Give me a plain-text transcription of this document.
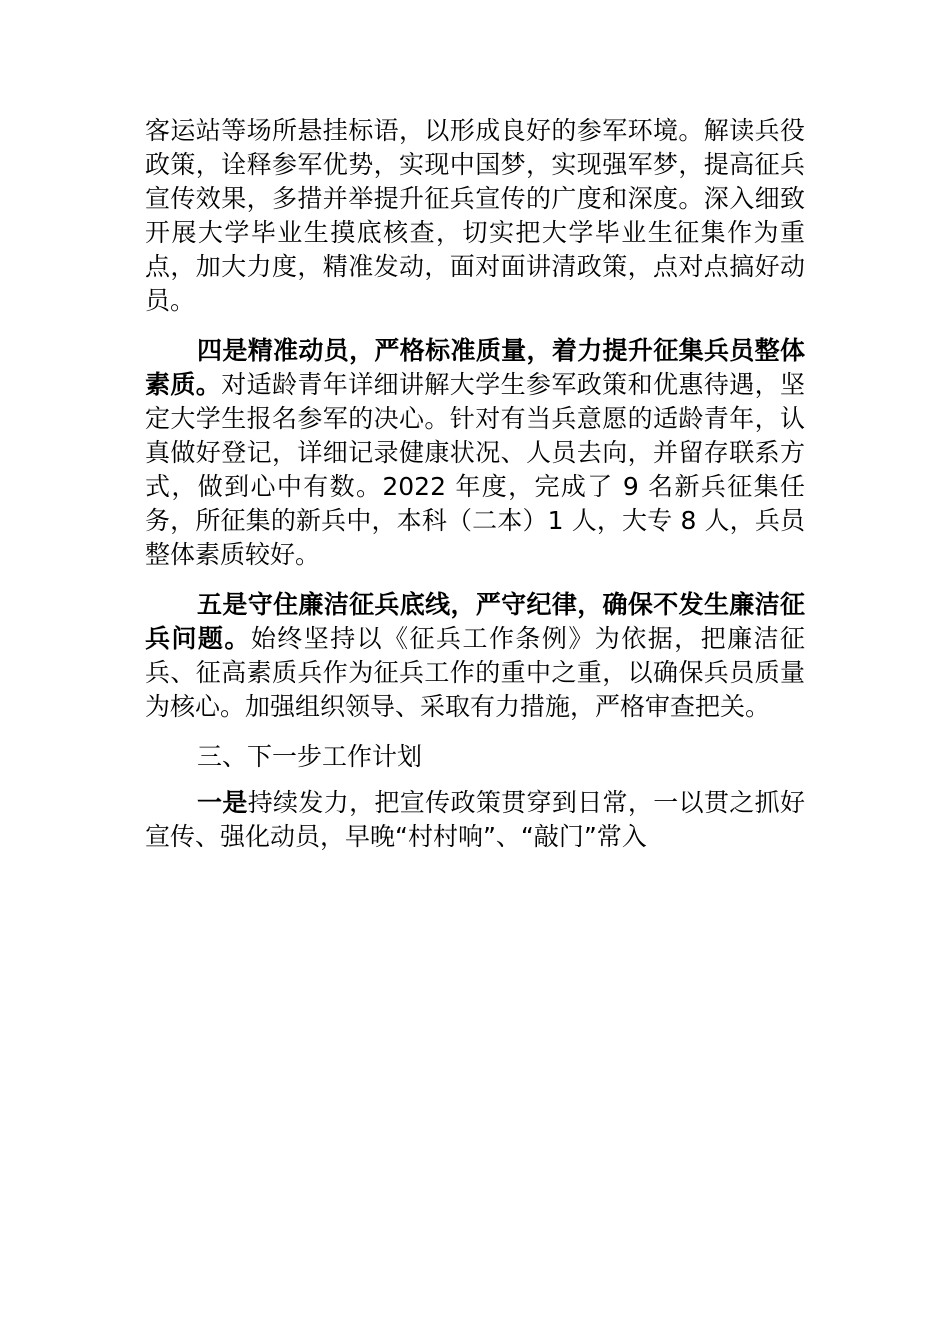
客运站等场所悬挂标语，以形成良好的参军环境。解读兵役政策，诠释参军优势，实现中国梦，实现强军梦，提高征兵宣传效果，多措并举提升征兵宣传的广度和深度。深入细致开展大学毕业生摸底核查，切实把大学毕业生征集作为重点，加大力度，精准发动，面对面讲清政策，点对点搞好动员。

四是精准动员，严格标准质量，着力提升征集兵员整体素质。对适龄青年详细讲解大学生参军政策和优惠待遇，坚定大学生报名参军的决心。针对有当兵意愿的适龄青年，认真做好登记，详细记录健康状况、人员去向，并留存联系方式，做到心中有数。2022 年度，完成了 9 名新兵征集任务，所征集的新兵中，本科（二本）1 人，大专 8 人，兵员整体素质较好。

五是守住廉洁征兵底线，严守纪律，确保不发生廉洁征兵问题。始终坚持以《征兵工作条例》为依据，把廉洁征兵、征高素质兵作为征兵工作的重中之重，以确保兵员质量为核心。加强组织领导、采取有力措施，严格审查把关。

三、下一步工作计划

一是持续发力，把宣传政策贯穿到日常，一以贯之抓好宣传、强化动员，早晚“村村响”、“敲门”常入
